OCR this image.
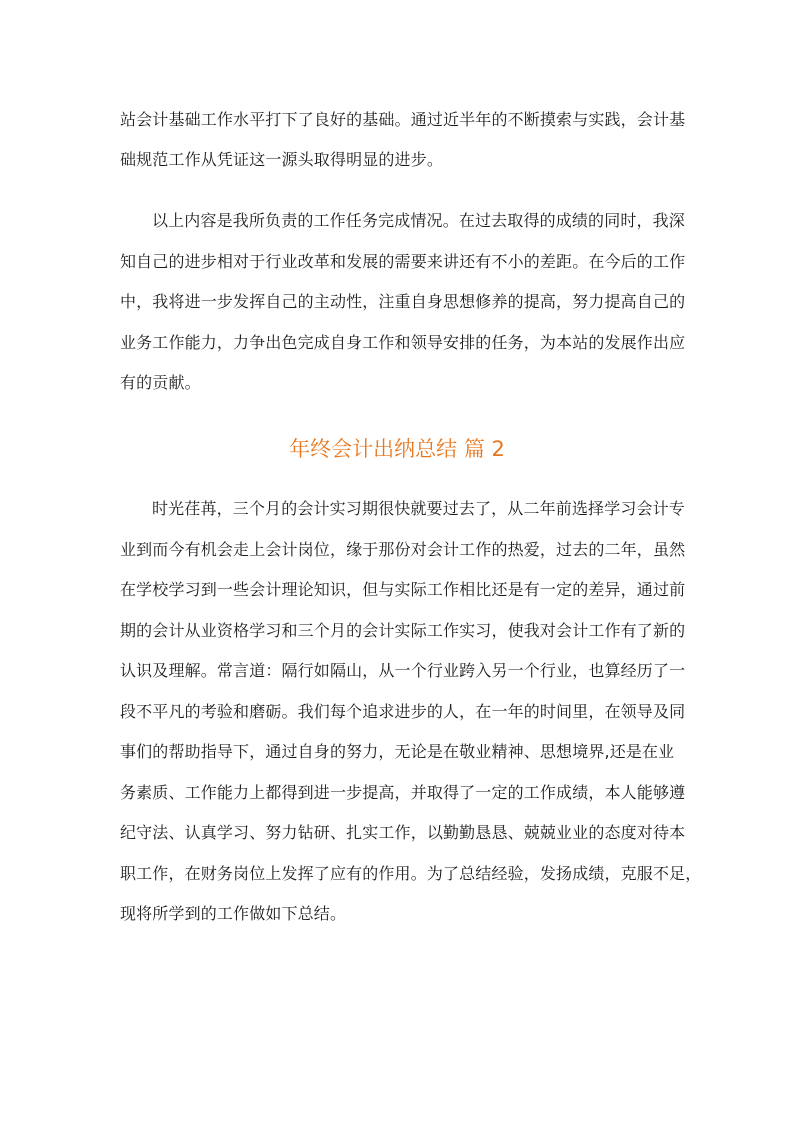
站会计基础工作水平打下了良好的基础。通过近半年的不断摸索与实践，会计基
础规范工作从凭证这一源头取得明显的进步。
以上内容是我所负责的工作任务完成情况。在过去取得的成绩的同时，我深
知自己的进步相对于行业改革和发展的需要来讲还有不小的差距。在今后的工作
中，我将进一步发挥自己的主动性，注重自身思想修养的提高，努力提高自己的
业务工作能力，力争出色完成自身工作和领导安排的任务，为本站的发展作出应
有的贡献。
年终会计出纳总结 篇 2
时光荏苒，三个月的会计实习期很快就要过去了，从二年前选择学习会计专
业到而今有机会走上会计岗位，缘于那份对会计工作的热爱，过去的二年，虽然
在学校学习到一些会计理论知识，但与实际工作相比还是有一定的差异，通过前
期的会计从业资格学习和三个月的会计实际工作实习，使我对会计工作有了新的
认识及理解。常言道：隔行如隔山，从一个行业跨入另一个行业，也算经历了一
段不平凡的考验和磨砺。我们每个追求进步的人，在一年的时间里，在领导及同
事们的帮助指导下，通过自身的努力，无论是在敬业精神、思想境界,还是在业
务素质、工作能力上都得到进一步提高，并取得了一定的工作成绩，本人能够遵
纪守法、认真学习、努力钻研、扎实工作，以勤勤恳恳、兢兢业业的态度对待本
职工作，在财务岗位上发挥了应有的作用。为了总结经验，发扬成绩，克服不足，
现将所学到的工作做如下总结。
